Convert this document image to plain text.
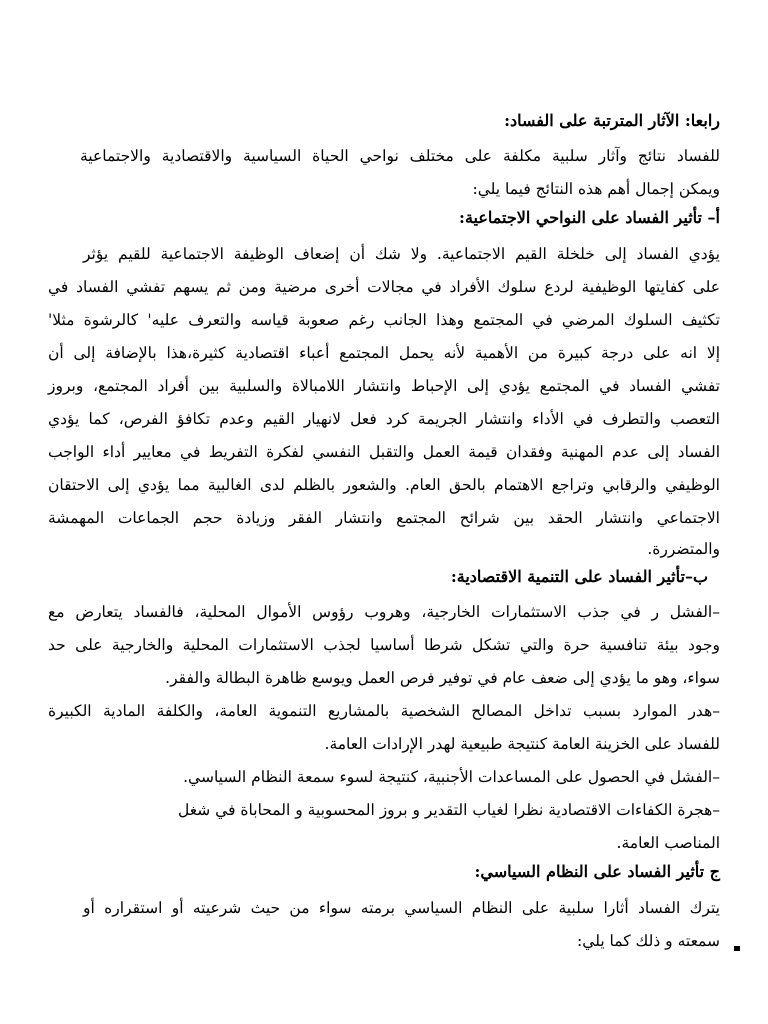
رابعا: الآثار المترتبة على الفساد:
للفساد نتائج وآثار سلبية مكلفة على مختلف نواحي الحياة السياسية والاقتصادية والاجتماعية
ويمكن إجمال أهم هذه النتائج فيما يلي:
أ– تأثير الفساد على النواحي الاجتماعية:
يؤدي الفساد إلى خلخلة القيم الاجتماعية. ولا شك أن إضعاف الوظيفة الاجتماعية للقيم يؤثر
على كفايتها الوظيفية لردع سلوك الأفراد في مجالات أخرى مرضية ومن ثم يسهم تفشي الفساد في
تكثيف السلوك المرضي في المجتمع وهذا الجانب رغم صعوبة قياسه والتعرف عليه' كالرشوة مثلا'
إلا انه على درجة كبيرة من الأهمية لأنه يحمل المجتمع أعباء اقتصادية كثيرة،هذا بالإضافة إلى أن
تفشي الفساد في المجتمع يؤدي إلى الإحباط وانتشار اللامبالاة والسلبية بين أفراد المجتمع، وبروز
التعصب والتطرف في الأداء وانتشار الجريمة كرد فعل لانهيار القيم وعدم تكافؤ الفرص، كما يؤدي
الفساد إلى عدم المهنية وفقدان قيمة العمل والتقبل النفسي لفكرة التفريط في معايير أداء الواجب
الوظيفي والرقابي وتراجع الاهتمام بالحق العام. والشعور بالظلم لدى الغالبية مما يؤدي إلى الاحتقان
الاجتماعي وانتشار الحقد بين شرائح المجتمع وانتشار الفقر وزيادة حجم الجماعات المهمشة
والمتضررة.
ب–تأثير الفساد على التنمية الاقتصادية:
–الفشل ر في جذب الاستثمارات الخارجية، وهروب رؤوس الأموال المحلية، فالفساد يتعارض مع
وجود بيئة تنافسية حرة والتي تشكل شرطا أساسيا لجذب الاستثمارات المحلية والخارجية على حد
سواء، وهو ما يؤدي إلى ضعف عام في توفير فرص العمل ويوسع ظاهرة البطالة والفقر.
–هدر الموارد بسبب تداخل المصالح الشخصية بالمشاريع التنموية العامة، والكلفة المادية الكبيرة
للفساد على الخزينة العامة كنتيجة طبيعية لهدر الإرادات العامة.
–الفشل في الحصول على المساعدات الأجنبية، كنتيجة لسوء سمعة النظام السياسي.
–هجرة الكفاءات الاقتصادية نظرا لغياب التقدير و بروز المحسوبية و المحاباة في شغل
المناصب العامة.
ج تأثير الفساد على النظام السياسي:
يترك الفساد أثارا سلبية على النظام السياسي برمته سواء من حيث شرعيته أو استقراره أو
سمعته و ذلك كما يلي:
